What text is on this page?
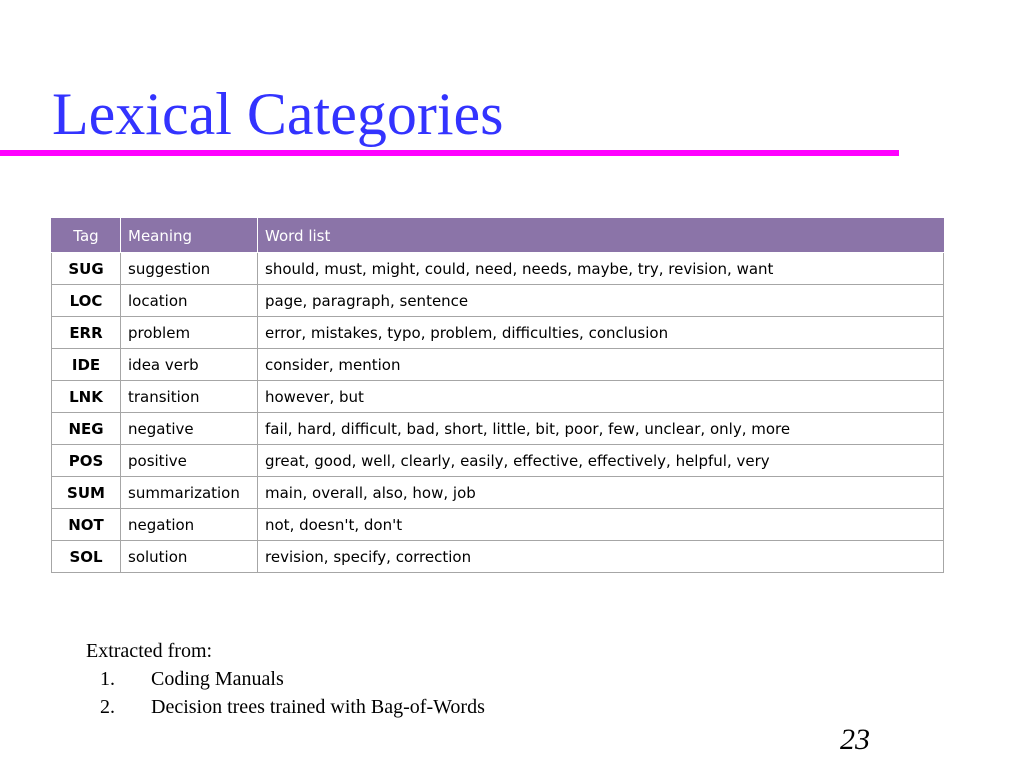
Lexical Categories
Tag	Meaning	Word list
SUG	suggestion	should, must, might, could, need, needs, maybe, try, revision, want
LOC	location	page, paragraph, sentence
ERR	problem	error, mistakes, typo, problem, difficulties, conclusion
IDE	idea verb	consider, mention
LNK	transition	however, but
NEG	negative	fail, hard, difficult, bad, short, little, bit, poor, few, unclear, only, more
POS	positive	great, good, well, clearly, easily, effective, effectively, helpful, very
SUM	summarization	main, overall, also, how, job
NOT	negation	not, doesn't, don't
SOL	solution	revision, specify, correction
Extracted from:
1. Coding Manuals
2. Decision trees trained with Bag-of-Words
23
